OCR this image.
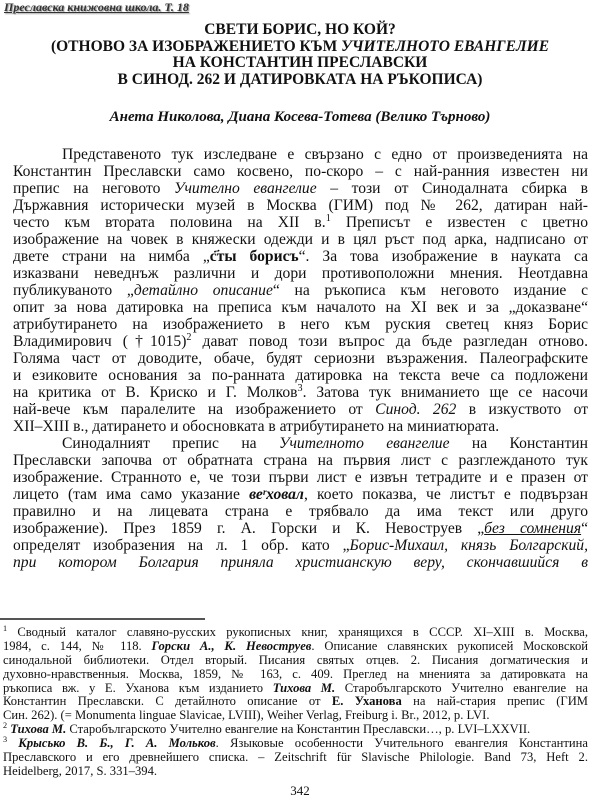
Преславска книжовна школа. Т. 18
СВЕТИ БОРИС, НО КОЙ?
(ОТНОВО ЗА ИЗОБРАЖЕНИЕТО КЪМ УЧИТЕЛНОТО ЕВАНГЕЛИЕ
НА КОНСТАНТИН ПРЕСЛАВСКИ
В СИНОД. 262 И ДАТИРОВКАТА НА РЪКОПИСА)
Анета Николова, Диана Косева-Тотева (Велико Търново)
Представеното тук изследване е свързано с едно от произведенията на
Константин Преславски само косвено, по-скоро – с най-ранния известен ни
препис на неговото Учително евангелие – този от Синодалната сбирка в
Държавния исторически музей в Москва (ГИМ) под № 262, датиран най-
често към втората половина на XII в.$^1$ Преписът е известен с цветно
изображение на човек в княжески одежди и в цял ръст под арка, надписано от
двете страни на нимба „с҃ты борисъ“. За това изображение в науката са
изказвани неведнъж различни и дори противоположни мнения. Неотдавна
публикуваното „детайлно описание“ на ръкописа към неговото издание с
опит за нова датировка на преписа към началото на XI век и за „доказване“
атрибутирането на изображението в него към руския светец княз Борис
Владимирович (†1015)$^2$ дават повод този въпрос да бъде разгледан отново.
Голяма част от доводите, обаче, будят сериозни възражения. Палеографските
и езиковите основания за по-ранната датировка на текста вече са подложени
на критика от В. Криско и Г. Молков$^3$. Затова тук вниманието ще се насочи
най-вече към паралелите на изображението от Синод. 262 в изкуството от
XII–XIII в., датирането и обосновката в атрибутирането на миниатюрата.
Синодалният препис на Учителното евангелие на Константин
Преславски започва от обратната страна на първия лист с разглежданото тук
изображение. Странното е, че този първи лист е извън тетрадите и е празен от
лицето (там има само указание веʳховал, което показва, че листът е подвързан
правилно и на лицевата страна е трябвало да има текст или друго
изображение). През 1859 г. А. Горски и К. Невоструев „без сомнения“
определят изобразения на л. 1 обр. като „Борис-Михаил, князь Болгарский,
при котором Болгария приняла христианскую веру, скончавшийся в
$^1$ Сводный каталог славяно-русских рукописных книг, хранящихся в СССР. XI–XIII в. Москва,
1984, с. 144, № 118. Горски А., К. Невоструев. Описание славянских рукописей Московской
синодальной библиотеки. Отдел вторый. Писания святых отцев. 2. Писания догматическия и
духовно-нравственныя. Москва, 1859, № 163, с. 409. Преглед на мненията за датировката на
ръкописа вж. у Е. Уханова към изданието Тихова М. Старобългарското Учително евангелие на
Константин Преславски. С детайлното описание от Е. Уханова на най-стария препис (ГИМ
Син. 262). (= Monumenta linguae Slavicae, LVIII), Weiher Verlag, Freiburg i. Br., 2012, p. LVI.
$^2$ Тихова М. Старобългарското Учително евангелие на Константин Преславски…, p. LVI–LXXVII.
$^3$ Крысько В. Б., Г. А. Мольков. Языковые особенности Учительного евангелия Константина
Преславского и его древнейшего списка. – Zeitschrift für Slavische Philologie. Band 73, Heft 2.
Heidelberg, 2017, S. 331–394.
342
